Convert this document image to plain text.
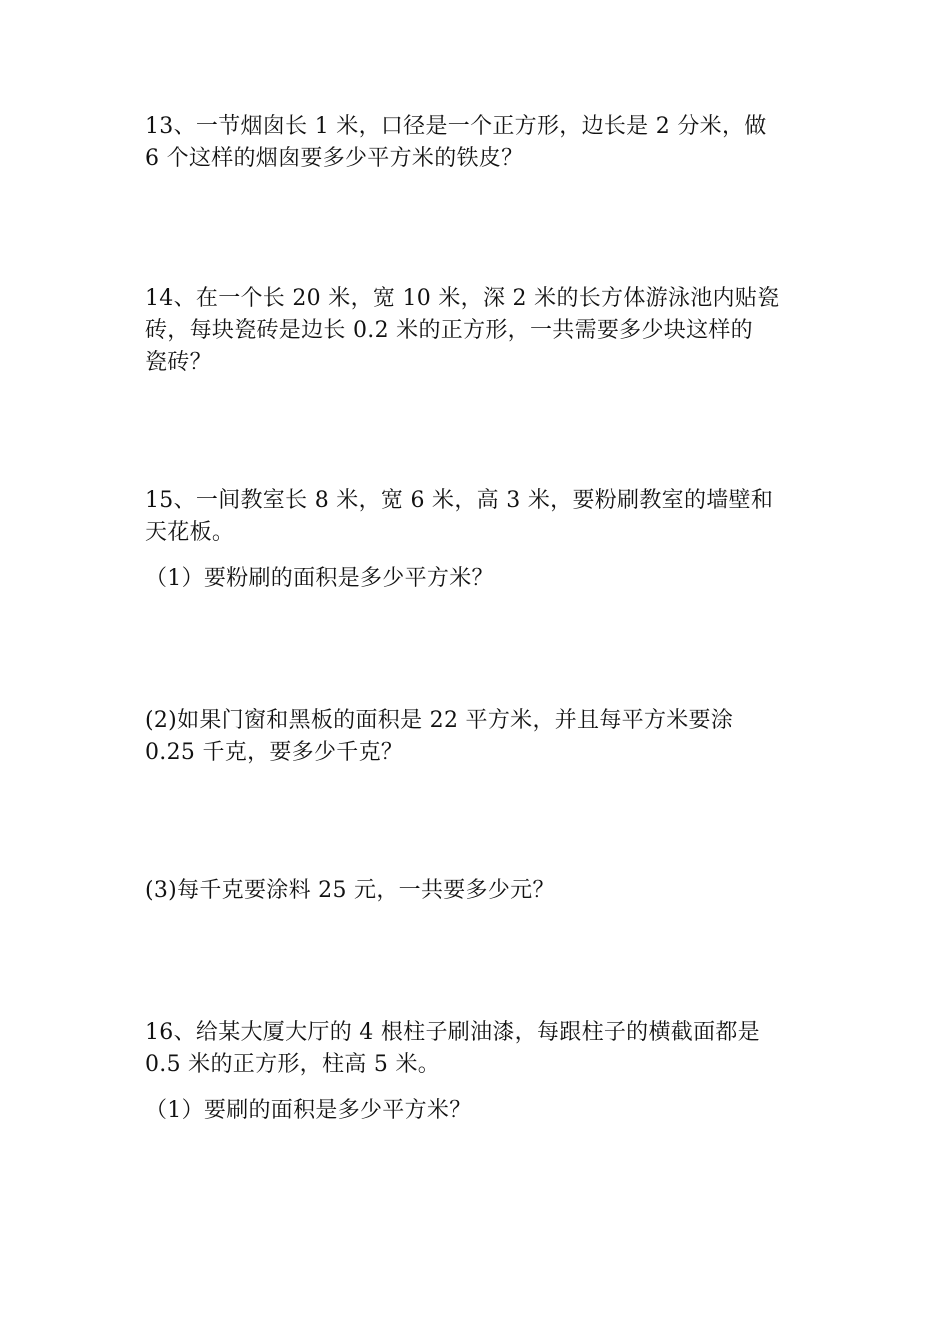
13、一节烟囱长 1 米，口径是一个正方形，边长是 2 分米，做
6 个这样的烟囱要多少平方米的铁皮？
14、在一个长 20 米，宽 10 米，深 2 米的长方体游泳池内贴瓷
砖，每块瓷砖是边长 0.2 米的正方形，一共需要多少块这样的
瓷砖？
15、一间教室长 8 米，宽 6 米，高 3 米，要粉刷教室的墙壁和
天花板。
（1）要粉刷的面积是多少平方米？
(2)如果门窗和黑板的面积是 22 平方米，并且每平方米要涂
0.25 千克，要多少千克？
(3)每千克要涂料 25 元，一共要多少元？
16、给某大厦大厅的 4 根柱子刷油漆，每跟柱子的横截面都是
0.5 米的正方形，柱高 5 米。
（1）要刷的面积是多少平方米？
